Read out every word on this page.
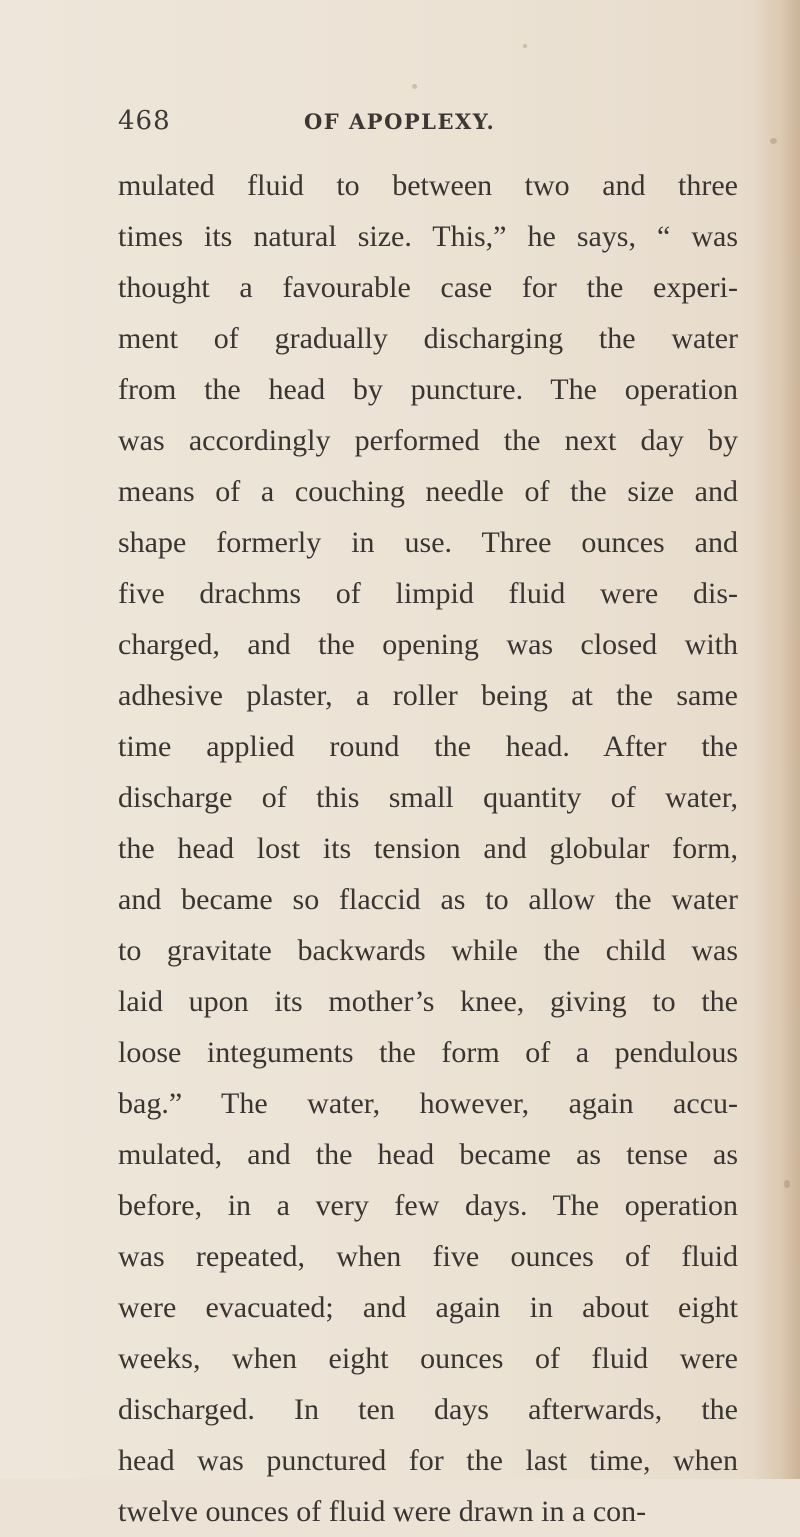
468	OF APOPLEXY.
mulated fluid to between two and three
times its natural size. This,” he says, “ was
thought a favourable case for the experi-
ment of gradually discharging the water
from the head by puncture. The operation
was accordingly performed the next day by
means of a couching needle of the size and
shape formerly in use. Three ounces and
five drachms of limpid fluid were dis-
charged, and the opening was closed with
adhesive plaster, a roller being at the same
time applied round the head. After the
discharge of this small quantity of water,
the head lost its tension and globular form,
and became so flaccid as to allow the water
to gravitate backwards while the child was
laid upon its mother’s knee, giving to the
loose integuments the form of a pendulous
bag.” The water, however, again accu-
mulated, and the head became as tense as
before, in a very few days. The operation
was repeated, when five ounces of fluid
were evacuated; and again in about eight
weeks, when eight ounces of fluid were
discharged. In ten days afterwards, the
head was punctured for the last time, when
twelve ounces of fluid were drawn in a con-
